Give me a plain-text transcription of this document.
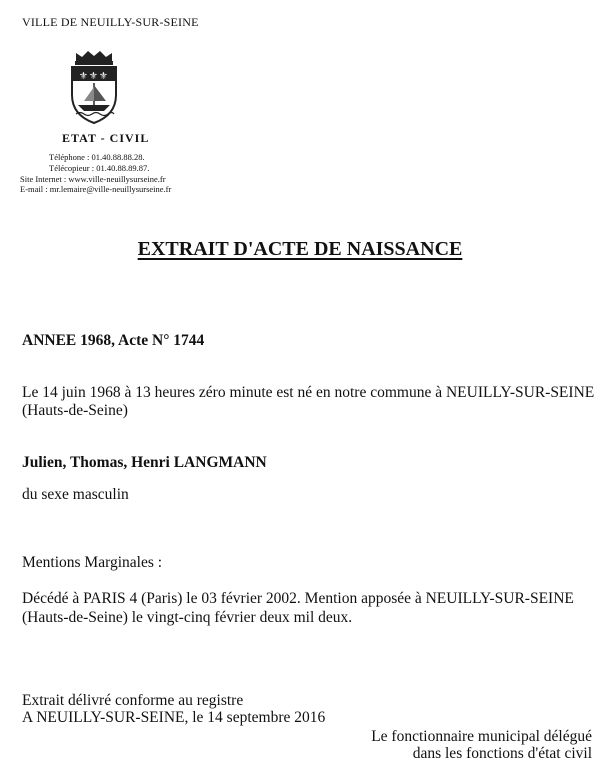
VILLE DE NEUILLY-SUR-SEINE
⚜ ⚜ ⚜
ETAT - CIVIL
Téléphone : 01.40.88.88.28.
Télécopieur : 01.40.88.89.87.
Site Internet : www.ville-neuillysurseine.fr
E-mail : mr.lemaire@ville-neuillysurseine.fr
EXTRAIT D'ACTE DE NAISSANCE
ANNEE 1968, Acte N° 1744
Le 14 juin 1968 à 13 heures zéro minute est né en notre commune à NEUILLY-SUR-SEINE
(Hauts-de-Seine)
Julien, Thomas, Henri LANGMANN
du sexe masculin
Mentions Marginales :
Décédé à PARIS 4 (Paris) le 03 février 2002. Mention apposée à NEUILLY-SUR-SEINE
(Hauts-de-Seine) le vingt-cinq février deux mil deux.
Extrait délivré conforme au registre
A NEUILLY-SUR-SEINE, le 14 septembre 2016
Le fonctionnaire municipal délégué
dans les fonctions d'état civil
